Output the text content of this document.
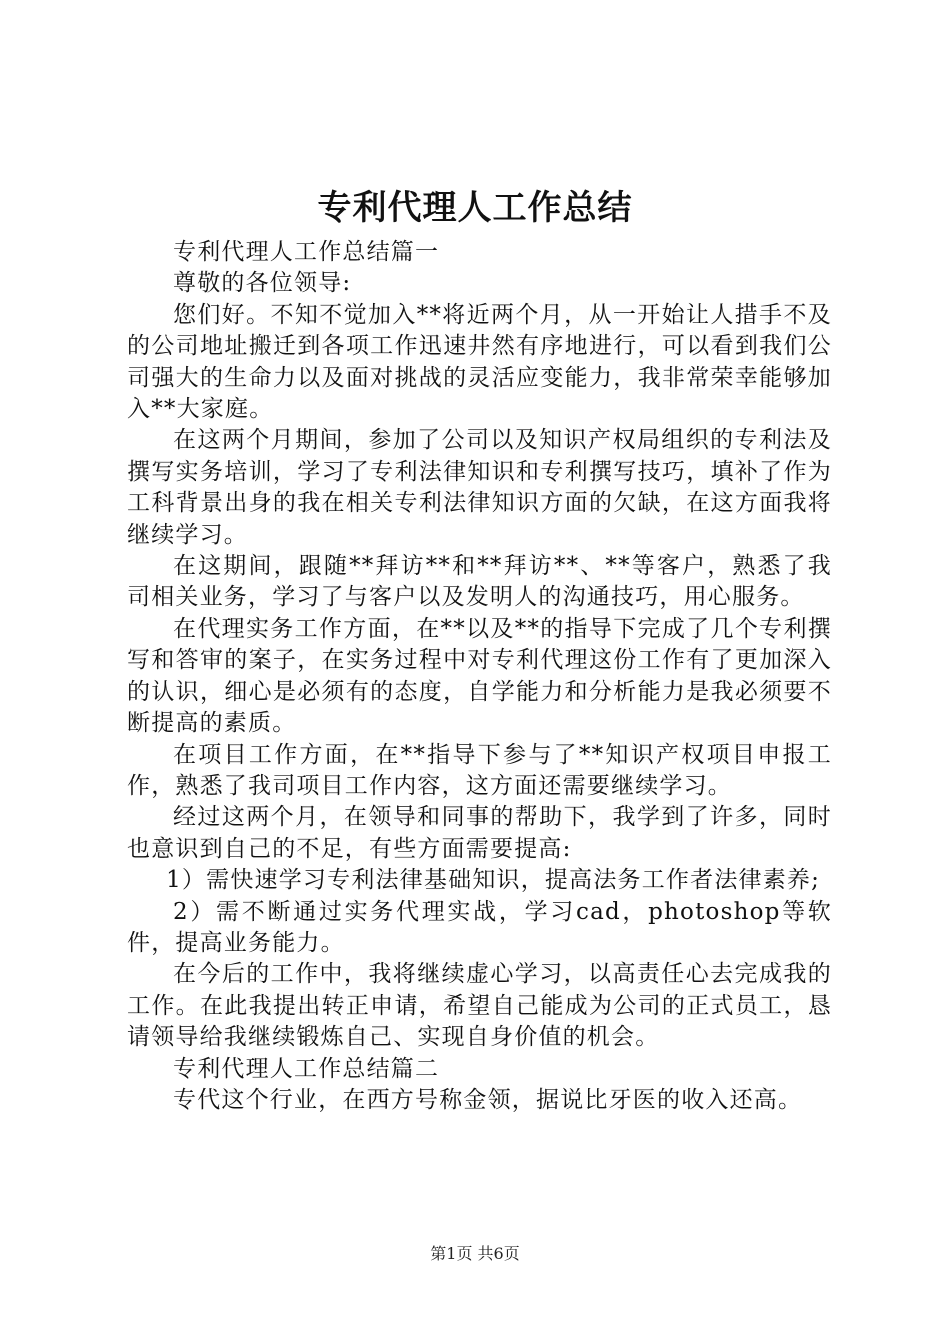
专利代理人工作总结

专利代理人工作总结篇一

尊敬的各位领导:

您们好。不知不觉加入**将近两个月，从一开始让人措手不及的公司地址搬迁到各项工作迅速井然有序地进行，可以看到我们公司强大的生命力以及面对挑战的灵活应变能力，我非常荣幸能够加入**大家庭。

在这两个月期间，参加了公司以及知识产权局组织的专利法及撰写实务培训，学习了专利法律知识和专利撰写技巧，填补了作为工科背景出身的我在相关专利法律知识方面的欠缺，在这方面我将继续学习。

在这期间，跟随**拜访**和**拜访**、**等客户，熟悉了我司相关业务，学习了与客户以及发明人的沟通技巧，用心服务。

在代理实务工作方面，在**以及**的指导下完成了几个专利撰写和答审的案子，在实务过程中对专利代理这份工作有了更加深入的认识，细心是必须有的态度，自学能力和分析能力是我必须要不断提高的素质。

在项目工作方面，在**指导下参与了**知识产权项目申报工作，熟悉了我司项目工作内容，这方面还需要继续学习。

经过这两个月，在领导和同事的帮助下，我学到了许多，同时也意识到自己的不足，有些方面需要提高:

1）需快速学习专利法律基础知识，提高法务工作者法律素养;

2）需不断通过实务代理实战，学习cad，photoshop等软件，提高业务能力。

在今后的工作中，我将继续虚心学习，以高责任心去完成我的工作。在此我提出转正申请，希望自己能成为公司的正式员工，恳请领导给我继续锻炼自己、实现自身价值的机会。

专利代理人工作总结篇二

专代这个行业，在西方号称金领，据说比牙医的收入还高。

第1页 共6页
